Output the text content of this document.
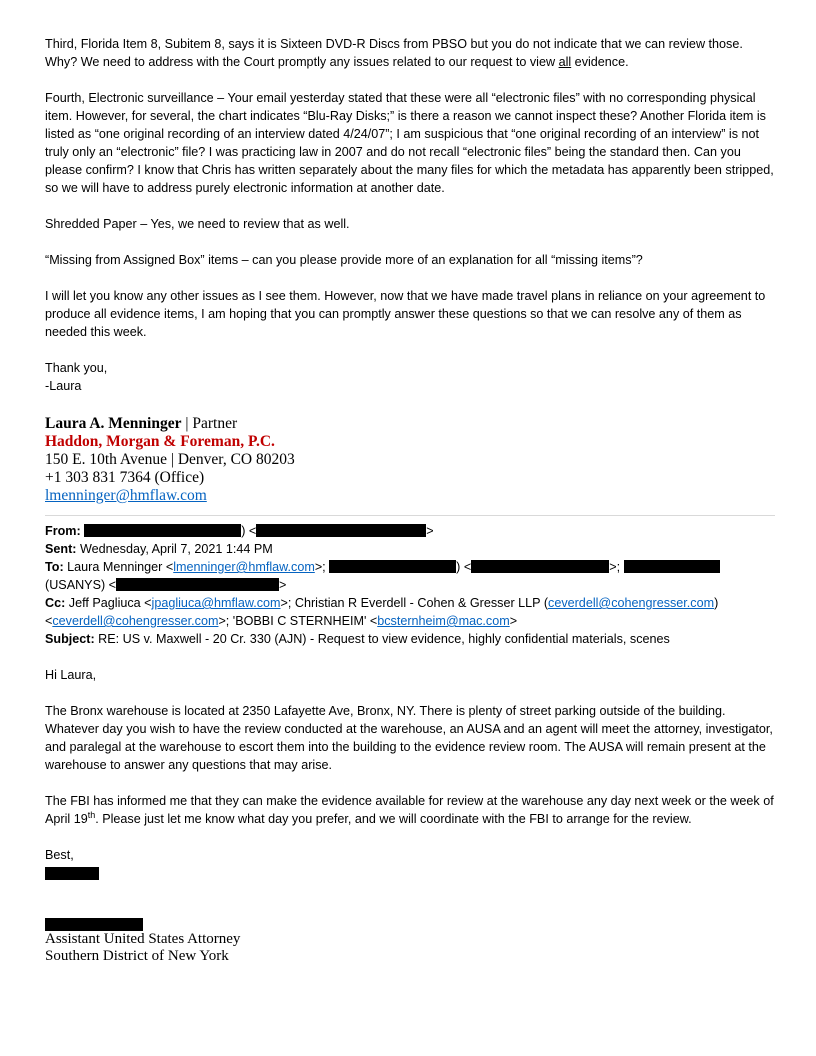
Third, Florida Item 8, Subitem 8, says it is Sixteen DVD-R Discs from PBSO but you do not indicate that we can review those. Why? We need to address with the Court promptly any issues related to our request to view all evidence.

Fourth, Electronic surveillance – Your email yesterday stated that these were all “electronic files” with no corresponding physical item. However, for several, the chart indicates “Blu-Ray Disks;” is there a reason we cannot inspect these? Another Florida item is listed as “one original recording of an interview dated 4/24/07”; I am suspicious that “one original recording of an interview” is not truly only an “electronic” file? I was practicing law in 2007 and do not recall “electronic files” being the standard then. Can you please confirm? I know that Chris has written separately about the many files for which the metadata has apparently been stripped, so we will have to address purely electronic information at another date.

Shredded Paper – Yes, we need to review that as well.

“Missing from Assigned Box” items – can you please provide more of an explanation for all “missing items”?

I will let you know any other issues as I see them. However, now that we have made travel plans in reliance on your agreement to produce all evidence items, I am hoping that you can promptly answer these questions so that we can resolve any of them as needed this week.

Thank you,

-Laura

Laura A. Menninger | Partner
Haddon, Morgan & Foreman, P.C.
150 E. 10th Avenue | Denver, CO 80203
+1 303 831 7364 (Office)
lmenninger@hmflaw.com
From:	) <	>
Sent: Wednesday, April 7, 2021 1:44 PM
To: Laura Menninger <lmenninger@hmflaw.com>;	) <	>;
(USANYS) <	>
Cc: Jeff Pagliuca <jpagliuca@hmflaw.com>; Christian R Everdell - Cohen & Gresser LLP (ceverdell@cohengresser.com)
<ceverdell@cohengresser.com>; 'BOBBI C STERNHEIM' <bcsternheim@mac.com>
Subject: RE: US v. Maxwell - 20 Cr. 330 (AJN) - Request to view evidence, highly confidential materials, scenes

Hi Laura,

The Bronx warehouse is located at 2350 Lafayette Ave, Bronx, NY. There is plenty of street parking outside of the building. Whatever day you wish to have the review conducted at the warehouse, an AUSA and an agent will meet the attorney, investigator, and paralegal at the warehouse to escort them into the building to the evidence review room. The AUSA will remain present at the warehouse to answer any questions that may arise.

The FBI has informed me that they can make the evidence available for review at the warehouse any day next week or the week of April 19th. Please just let me know what day you prefer, and we will coordinate with the FBI to arrange for the review.

Best,

Assistant United States Attorney
Southern District of New York
